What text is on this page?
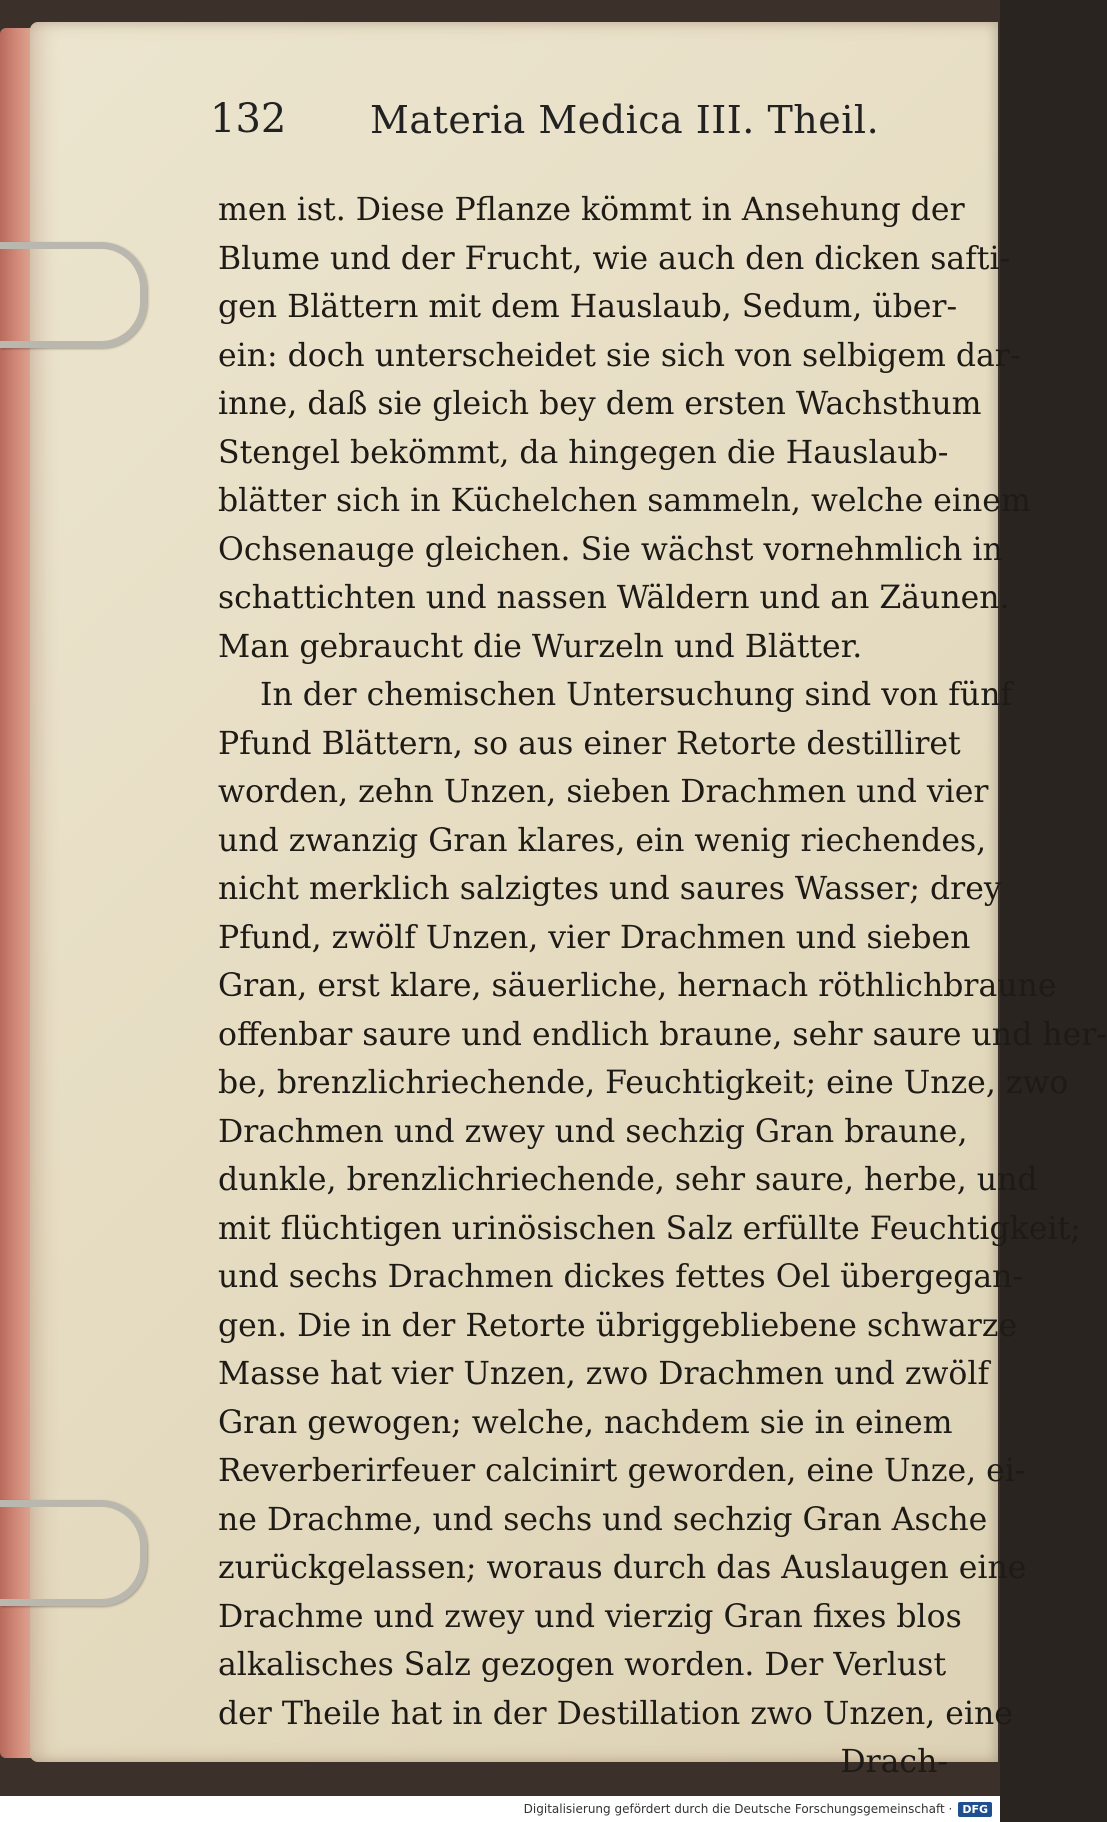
132 Materia Medica III. Theil.
men ist. Diese Pflanze kömmt in Ansehung der
Blume und der Frucht, wie auch den dicken safti-
gen Blättern mit dem Hauslaub, Sedum, über-
ein: doch unterscheidet sie sich von selbigem dar-
inne, daß sie gleich bey dem ersten Wachsthum
Stengel bekömmt, da hingegen die Hauslaub-
blätter sich in Küchelchen sammeln, welche einem
Ochsenauge gleichen. Sie wächst vornehmlich in
schattichten und nassen Wäldern und an Zäunen.
Man gebraucht die Wurzeln und Blätter.
In der chemischen Untersuchung sind von fünf
Pfund Blättern, so aus einer Retorte destilliret
worden, zehn Unzen, sieben Drachmen und vier
und zwanzig Gran klares, ein wenig riechendes,
nicht merklich salzigtes und saures Wasser; drey
Pfund, zwölf Unzen, vier Drachmen und sieben
Gran, erst klare, säuerliche, hernach röthlichbraune
offenbar saure und endlich braune, sehr saure und her-
be, brenzlichriechende, Feuchtigkeit; eine Unze, zwo
Drachmen und zwey und sechzig Gran braune,
dunkle, brenzlichriechende, sehr saure, herbe, und
mit flüchtigen urinösischen Salz erfüllte Feuchtigkeit;
und sechs Drachmen dickes fettes Oel übergegan-
gen. Die in der Retorte übriggebliebene schwarze
Masse hat vier Unzen, zwo Drachmen und zwölf
Gran gewogen; welche, nachdem sie in einem
Reverberirfeuer calcinirt geworden, eine Unze, ei-
ne Drachme, und sechs und sechzig Gran Asche
zurückgelassen; woraus durch das Auslaugen eine
Drachme und zwey und vierzig Gran fixes blos
alkalisches Salz gezogen worden. Der Verlust
der Theile hat in der Destillation zwo Unzen, eine
Drach-
Digitalisierung gefördert durch die Deutsche Forschungsgemeinschaft · DFG
